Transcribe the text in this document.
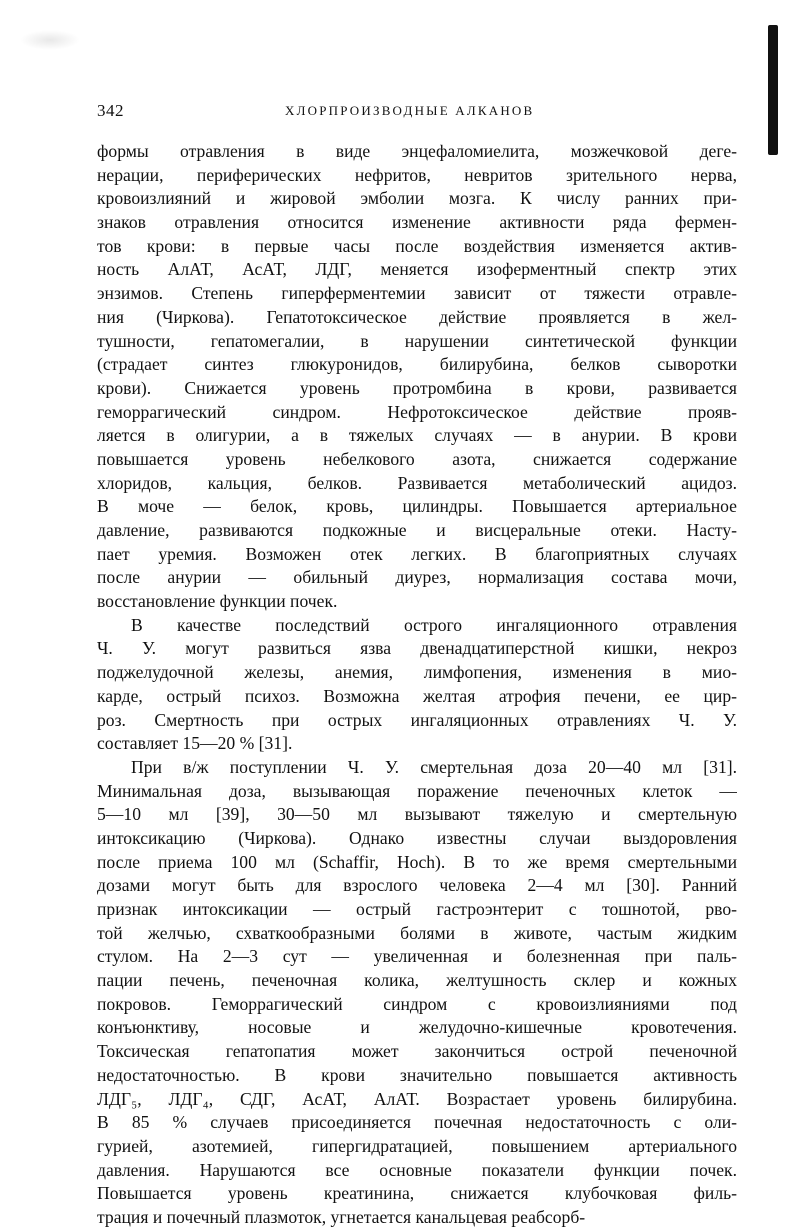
342	ХЛОРПРОИЗВОДНЫЕ АЛКАНОВ
формы отравления в виде энцефаломиелита, мозжечковой деге-
нерации, периферических нефритов, невритов зрительного нерва,
кровоизлияний и жировой эмболии мозга. К числу ранних при-
знаков отравления относится изменение активности ряда фермен-
тов крови: в первые часы после воздействия изменяется актив-
ность АлАТ, АсАТ, ЛДГ, меняется изоферментный спектр этих
энзимов. Степень гиперферментемии зависит от тяжести отравле-
ния (Чиркова). Гепатотоксическое действие проявляется в жел-
тушности, гепатомегалии, в нарушении синтетической функции
(страдает синтез глюкуронидов, билирубина, белков сыворотки
крови). Снижается уровень протромбина в крови, развивается
геморрагический синдром. Нефротоксическое действие прояв-
ляется в олигурии, а в тяжелых случаях — в анурии. В крови
повышается уровень небелкового азота, снижается содержание
хлоридов, кальция, белков. Развивается метаболический ацидоз.
В моче — белок, кровь, цилиндры. Повышается артериальное
давление, развиваются подкожные и висцеральные отеки. Насту-
пает уремия. Возможен отек легких. В благоприятных случаях
после анурии — обильный диурез, нормализация состава мочи,
восстановление функции почек.
В качестве последствий острого ингаляционного отравления
Ч. У. могут развиться язва двенадцатиперстной кишки, некроз
поджелудочной железы, анемия, лимфопения, изменения в мио-
карде, острый психоз. Возможна желтая атрофия печени, ее цир-
роз. Смертность при острых ингаляционных отравлениях Ч. У.
составляет 15—20 % [31].
При в/ж поступлении Ч. У. смертельная доза 20—40 мл [31].
Минимальная доза, вызывающая поражение печеночных клеток —
5—10 мл [39], 30—50 мл вызывают тяжелую и смертельную
интоксикацию (Чиркова). Однако известны случаи выздоровления
после приема 100 мл (Schaffir, Hoch). В то же время смертельными
дозами могут быть для взрослого человека 2—4 мл [30]. Ранний
признак интоксикации — острый гастроэнтерит с тошнотой, рво-
той желчью, схваткообразными болями в животе, частым жидким
стулом. На 2—3 сут — увеличенная и болезненная при паль-
пации печень, печеночная колика, желтушность склер и кожных
покровов. Геморрагический синдром с кровоизлияниями под
конъюнктиву, носовые и желудочно-кишечные кровотечения.
Токсическая гепатопатия может закончиться острой печеночной
недостаточностью. В крови значительно повышается активность
ЛДГ₅, ЛДГ₄, СДГ, АсАТ, АлАТ. Возрастает уровень билирубина.
В 85 % случаев присоединяется почечная недостаточность с оли-
гурией, азотемией, гипергидратацией, повышением артериального
давления. Нарушаются все основные показатели функции почек.
Повышается уровень креатинина, снижается клубочковая филь-
трация и почечный плазмоток, угнетается канальцевая реабсорб-
